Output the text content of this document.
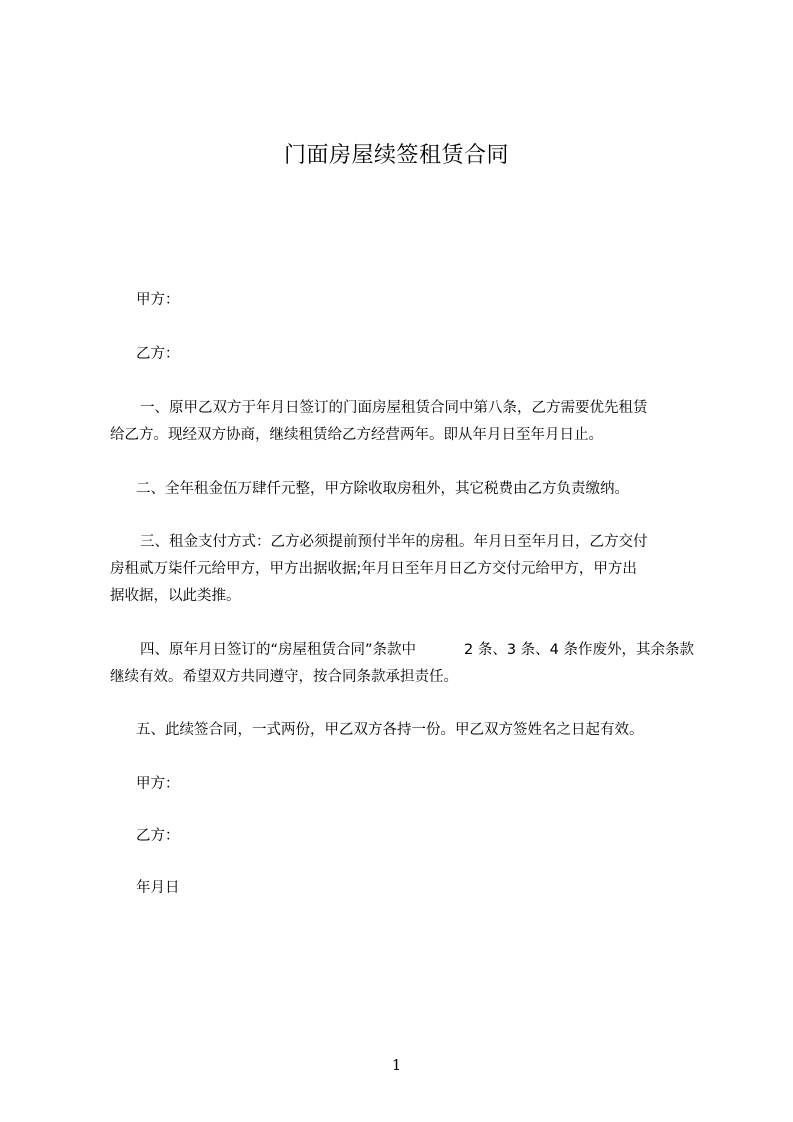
门面房屋续签租赁合同
甲方：
乙方：
一、原甲乙双方于年月日签订的门面房屋租赁合同中第八条，乙方需要优先租赁
给乙方。现经双方协商，继续租赁给乙方经营两年。即从年月日至年月日止。
二、全年租金伍万肆仟元整，甲方除收取房租外，其它税费由乙方负责缴纳。
三、租金支付方式：乙方必须提前预付半年的房租。年月日至年月日，乙方交付
房租贰万柒仟元给甲方，甲方出据收据;年月日至年月日乙方交付元给甲方，甲方出
据收据，以此类推。
四、原年月日签订的“房屋租赁合同”条款中	2 条、3 条、4 条作废外，其余条款
继续有效。希望双方共同遵守，按合同条款承担责任。
五、此续签合同，一式两份，甲乙双方各持一份。甲乙双方签姓名之日起有效。
甲方：
乙方：
年月日
1
